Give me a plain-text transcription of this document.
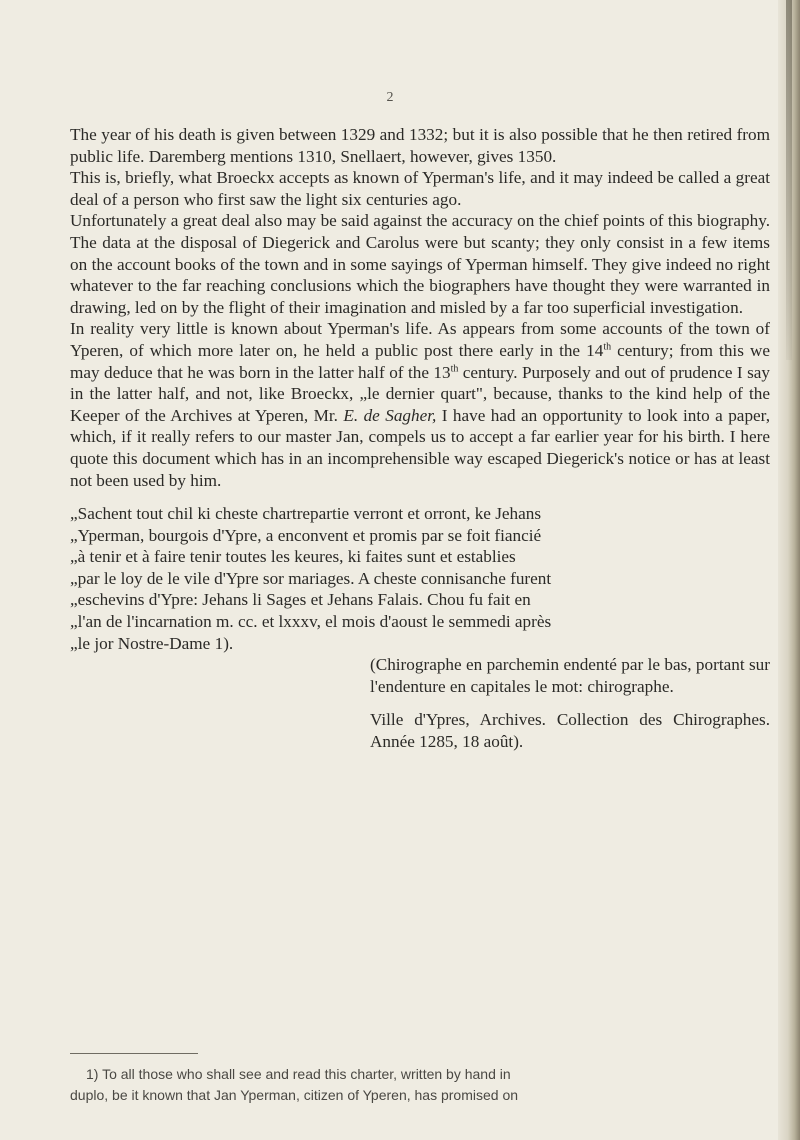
2

The year of his death is given between 1329 and 1332; but it is also possible that he then retired from public life. Daremberg mentions 1310, Snellaert, however, gives 1350.

This is, briefly, what Broeckx accepts as known of Yperman's life, and it may indeed be called a great deal of a person who first saw the light six centuries ago.

Unfortunately a great deal also may be said against the accuracy on the chief points of this biography. The data at the disposal of Diegerick and Carolus were but scanty; they only consist in a few items on the account books of the town and in some sayings of Yperman himself. They give indeed no right whatever to the far reaching conclusions which the biographers have thought they were warranted in drawing, led on by the flight of their imagination and misled by a far too superficial investigation.

In reality very little is known about Yperman's life. As appears from some accounts of the town of Yperen, of which more later on, he held a public post there early in the 14th century; from this we may deduce that he was born in the latter half of the 13th century. Purposely and out of prudence I say in the latter half, and not, like Broeckx, „le dernier quart", because, thanks to the kind help of the Keeper of the Archives at Yperen, Mr. E. de Sagher, I have had an opportunity to look into a paper, which, if it really refers to our master Jan, compels us to accept a far earlier year for his birth. I here quote this document which has in an incomprehensible way escaped Diegerick's notice or has at least not been used by him.

„Sachent tout chil ki cheste chartrepartie verront et orront, ke Jehans

„Yperman, bourgois d'Ypre, a enconvent et promis par se foit fiancié

„à tenir et à faire tenir toutes les keures, ki faites sunt et establies

„par le loy de le vile d'Ypre sor mariages. A cheste connisanche furent

„eschevins d'Ypre: Jehans li Sages et Jehans Falais. Chou fu fait en

„l'an de l'incarnation m. cc. et lxxxv, el mois d'aoust le semmedi après

„le jor Nostre-Dame 1).

(Chirographe en parchemin endenté par le bas, portant sur l'endenture en capitales le mot: chirographe.

Ville d'Ypres, Archives. Collection des Chirographes. Année 1285, 18 août).

1) To all those who shall see and read this charter, written by hand in

duplo, be it known that Jan Yperman, citizen of Yperen, has promised on
